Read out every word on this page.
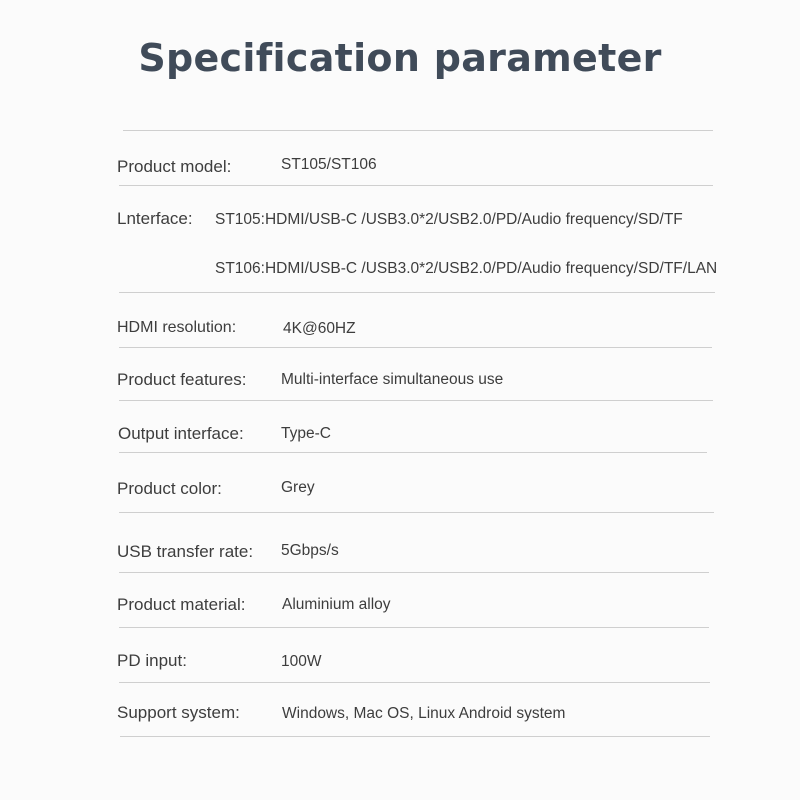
Specification parameter
Product model:	ST105/ST106
Lnterface: ST105:HDMI/USB-C /USB3.0*2/USB2.0/PD/Audio frequency/SD/TF
ST106:HDMI/USB-C /USB3.0*2/USB2.0/PD/Audio frequency/SD/TF/LAN
HDMI resolution:	4K@60HZ
Product features: Multi-interface simultaneous use
Output interface: Type-C
Product color:	Grey
USB transfer rate: 5Gbps/s
Product material: Aluminium alloy
PD input:	100W
Support system:	Windows, Mac OS, Linux Android system
